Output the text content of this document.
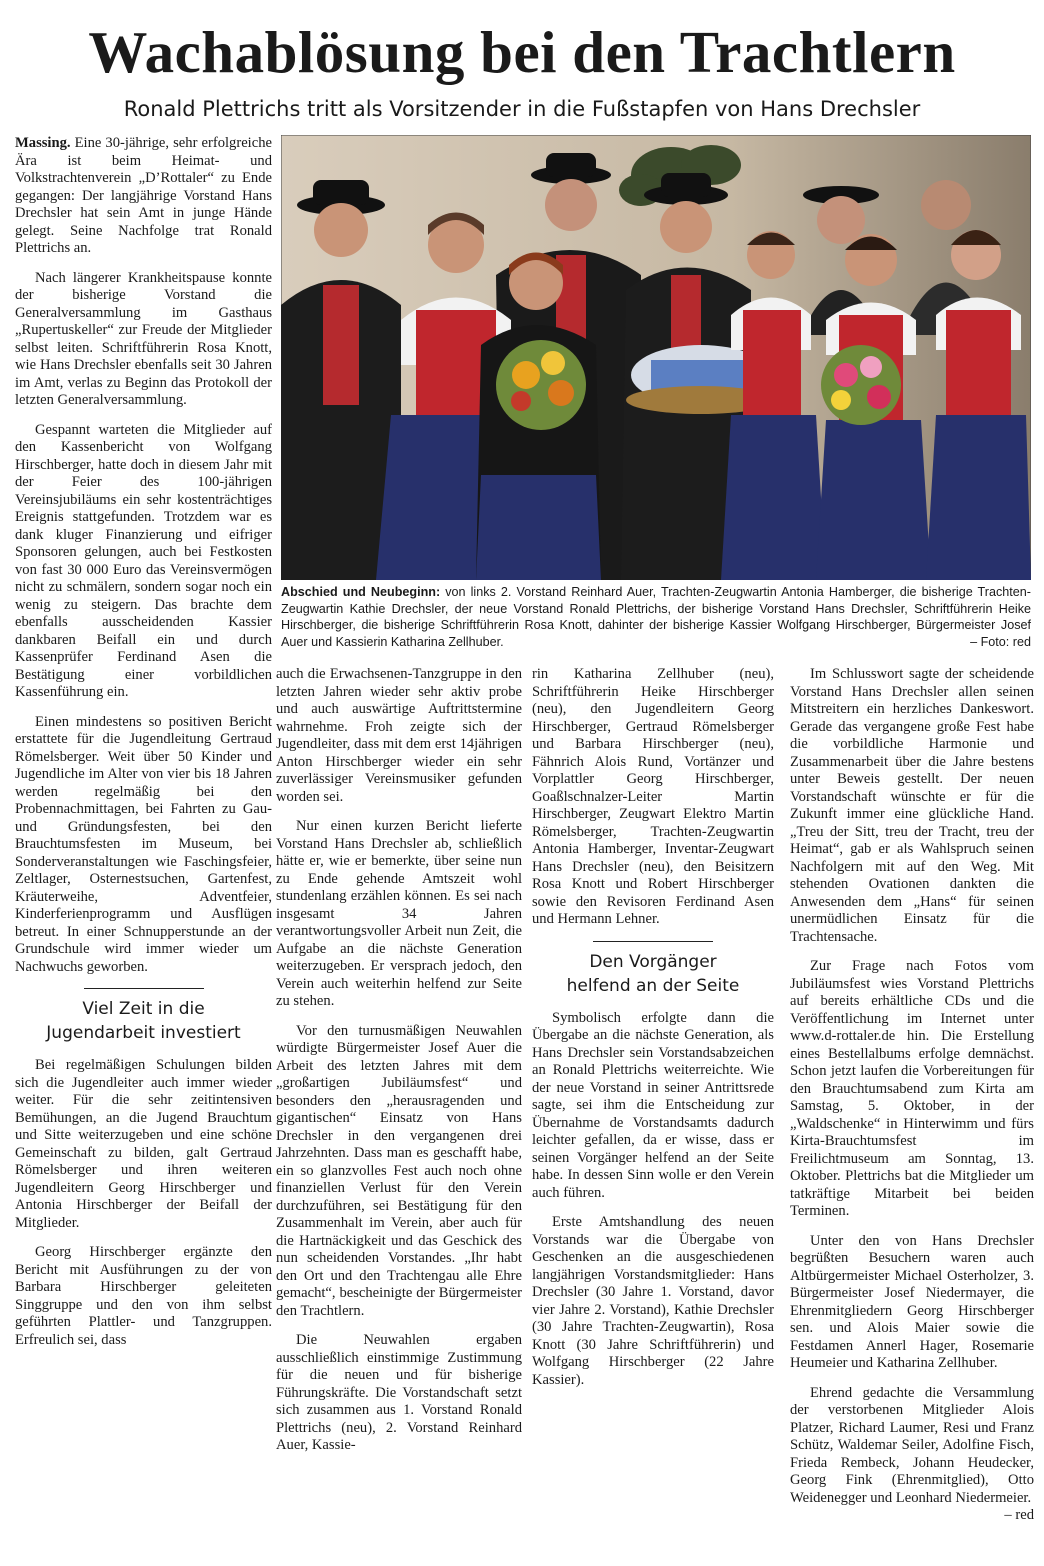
Wachablösung bei den Trachtlern
Ronald Plettrichs tritt als Vorsitzender in die Fußstapfen von Hans Drechsler

Massing. Eine 30-jährige, sehr erfolgreiche Ära ist beim Heimat- und Volkstrachtenverein „D’Rottaler“ zu Ende gegangen: Der langjährige Vorstand Hans Drechsler hat sein Amt in junge Hände gelegt. Seine Nachfolge trat Ronald Plettrichs an.

Nach längerer Krankheitspause konnte der bisherige Vorstand die Generalversammlung im Gasthaus „Rupertuskeller“ zur Freude der Mitglieder selbst leiten. Schriftführerin Rosa Knott, wie Hans Drechsler ebenfalls seit 30 Jahren im Amt, verlas zu Beginn das Protokoll der letzten Generalversammlung.

Gespannt warteten die Mitglieder auf den Kassenbericht von Wolfgang Hirschberger, hatte doch in diesem Jahr mit der Feier des 100-jährigen Vereinsjubiläums ein sehr kostenträchtiges Ereignis stattgefunden. Trotzdem war es dank kluger Finanzierung und eifriger Sponsoren gelungen, auch bei Festkosten von fast 30 000 Euro das Vereinsvermögen nicht zu schmälern, sondern sogar noch ein wenig zu steigern. Das brachte dem ebenfalls ausscheidenden Kassier dankbaren Beifall ein und durch Kassenprüfer Ferdinand Asen die Bestätigung einer vorbildlichen Kassenführung ein.

Einen mindestens so positiven Bericht erstattete für die Jugendleitung Gertraud Römelsberger. Weit über 50 Kinder und Jugendliche im Alter von vier bis 18 Jahren werden regelmäßig bei den Probennachmittagen, bei Fahrten zu Gau- und Gründungsfesten, bei den Brauchtumsfesten im Museum, bei Sonderveranstaltungen wie Faschingsfeier, Zeltlager, Osternestsuchen, Gartenfest, Kräuterweihe, Adventfeier, Kinderferienprogramm und Ausflügen betreut. In einer Schnupperstunde an der Grundschule wird immer wieder um Nachwuchs geworben.

Viel Zeit in die
Jugendarbeit investiert

Bei regelmäßigen Schulungen bilden sich die Jugendleiter auch immer wieder weiter. Für die sehr zeitintensiven Bemühungen, an die Jugend Brauchtum und Sitte weiterzugeben und eine schöne Gemeinschaft zu bilden, galt Gertraud Römelsberger und ihren weiteren Jugendleitern Georg Hirschberger und Antonia Hirschberger der Beifall der Mitglieder.

Georg Hirschberger ergänzte den Bericht mit Ausführungen zu der von Barbara Hirschberger geleiteten Singgruppe und den von ihm selbst geführten Plattler- und Tanzgruppen. Erfreulich sei, dass

Abschied und Neubeginn: von links 2. Vorstand Reinhard Auer, Trachten-Zeugwartin Antonia Hamberger, die bisherige Trachten-Zeugwartin Kathie Drechsler, der neue Vorstand Ronald Plettrichs, der bisherige Vorstand Hans Drechsler, Schriftführerin Heike Hirschberger, die bisherige Schriftführerin Rosa Knott, dahinter der bisherige Kassier Wolfgang Hirschberger, Bürgermeister Josef Auer und Kassierin Katharina Zellhuber.	– Foto: red

auch die Erwachsenen-Tanzgruppe in den letzten Jahren wieder sehr aktiv probe und auch auswärtige Auftrittstermine wahrnehme. Froh zeigte sich der Jugendleiter, dass mit dem erst 14jährigen Anton Hirschberger wieder ein sehr zuverlässiger Vereinsmusiker gefunden worden sei.

Nur einen kurzen Bericht lieferte Vorstand Hans Drechsler ab, schließlich hätte er, wie er bemerkte, über seine nun zu Ende gehende Amtszeit wohl stundenlang erzählen können. Es sei nach insgesamt 34 Jahren verantwortungsvoller Arbeit nun Zeit, die Aufgabe an die nächste Generation weiterzugeben. Er versprach jedoch, den Verein auch weiterhin helfend zur Seite zu stehen.

Vor den turnusmäßigen Neuwahlen würdigte Bürgermeister Josef Auer die Arbeit des letzten Jahres mit dem „großartigen Jubiläumsfest“ und besonders den „herausragenden und gigantischen“ Einsatz von Hans Drechsler in den vergangenen drei Jahrzehnten. Dass man es geschafft habe, ein so glanzvolles Fest auch noch ohne finanziellen Verlust für den Verein durchzuführen, sei Bestätigung für den Zusammenhalt im Verein, aber auch für die Hartnäckigkeit und das Geschick des nun scheidenden Vorstandes. „Ihr habt den Ort und den Trachtengau alle Ehre gemacht“, bescheinigte der Bürgermeister den Trachtlern.

Die Neuwahlen ergaben ausschließlich einstimmige Zustimmung für die neuen und für bisherige Führungskräfte. Die Vorstandschaft setzt sich zusammen aus 1. Vorstand Ronald Plettrichs (neu), 2. Vorstand Reinhard Auer, Kassie-

rin Katharina Zellhuber (neu), Schriftführerin Heike Hirschberger (neu), den Jugendleitern Georg Hirschberger, Gertraud Römelsberger und Barbara Hirschberger (neu), Fähnrich Alois Rund, Vortänzer und Vorplattler Georg Hirschberger, Goaßlschnalzer-Leiter Martin Hirschberger, Zeugwart Elektro Martin Römelsberger, Trachten-Zeugwartin Antonia Hamberger, Inventar-Zeugwart Hans Drechsler (neu), den Beisitzern Rosa Knott und Robert Hirschberger sowie den Revisoren Ferdinand Asen und Hermann Lehner.

Den Vorgänger
helfend an der Seite

Symbolisch erfolgte dann die Übergabe an die nächste Generation, als Hans Drechsler sein Vorstandsabzeichen an Ronald Plettrichs weiterreichte. Wie der neue Vorstand in seiner Antrittsrede sagte, sei ihm die Entscheidung zur Übernahme de Vorstandsamts dadurch leichter gefallen, da er wisse, dass er seinen Vorgänger helfend an der Seite habe. In dessen Sinn wolle er den Verein auch führen.

Erste Amtshandlung des neuen Vorstands war die Übergabe von Geschenken an die ausgeschiedenen langjährigen Vorstandsmitglieder: Hans Drechsler (30 Jahre 1. Vorstand, davor vier Jahre 2. Vorstand), Kathie Drechsler (30 Jahre Trachten-Zeugwartin), Rosa Knott (30 Jahre Schriftführerin) und Wolfgang Hirschberger (22 Jahre Kassier).

Im Schlusswort sagte der scheidende Vorstand Hans Drechsler allen seinen Mitstreitern ein herzliches Dankeswort. Gerade das vergangene große Fest habe die vorbildliche Harmonie und Zusammenarbeit über die Jahre bestens unter Beweis gestellt. Der neuen Vorstandschaft wünschte er für die Zukunft immer eine glückliche Hand. „Treu der Sitt, treu der Tracht, treu der Heimat“, gab er als Wahlspruch seinen Nachfolgern mit auf den Weg. Mit stehenden Ovationen dankten die Anwesenden dem „Hans“ für seinen unermüdlichen Einsatz für die Trachtensache.

Zur Frage nach Fotos vom Jubiläumsfest wies Vorstand Plettrichs auf bereits erhältliche CDs und die Veröffentlichung im Internet unter www.d-rottaler.de hin. Die Erstellung eines Bestellalbums erfolge demnächst. Schon jetzt laufen die Vorbereitungen für den Brauchtumsabend zum Kirta am Samstag, 5. Oktober, in der „Waldschenke“ in Hinterwimm und fürs Kirta-Brauchtumsfest im Freilichtmuseum am Sonntag, 13. Oktober. Plettrichs bat die Mitglieder um tatkräftige Mitarbeit bei beiden Terminen.

Unter den von Hans Drechsler begrüßten Besuchern waren auch Altbürgermeister Michael Osterholzer, 3. Bürgermeister Josef Niedermayer, die Ehrenmitgliedern Georg Hirschberger sen. und Alois Maier sowie die Festdamen Annerl Hager, Rosemarie Heumeier und Katharina Zellhuber.

Ehrend gedachte die Versammlung der verstorbenen Mitglieder Alois Platzer, Richard Laumer, Resi und Franz Schütz, Waldemar Seiler, Adolfine Fisch, Frieda Rembeck, Johann Heudecker, Georg Fink (Ehrenmitglied), Otto Weidenegger und Leonhard Niedermeier.
– red
